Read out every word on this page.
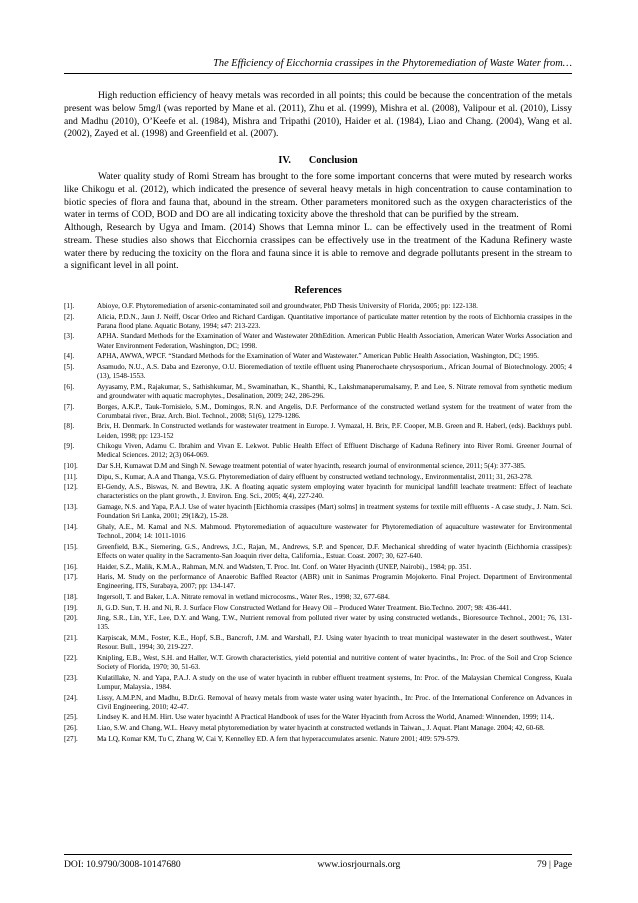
The Efficiency of Eicchornia crassipes in the Phytoremediation of Waste Water from…

High reduction efficiency of heavy metals was recorded in all points; this could be because the concentration of the metals present was below 5mg/l (was reported by Mane et al. (2011), Zhu et al. (1999), Mishra et al. (2008), Valipour et al. (2010), Lissy and Madhu (2010), O’Keefe et al. (1984), Mishra and Tripathi (2010), Haider et al. (1984), Liao and Chang. (2004), Wang et al. (2002), Zayed et al. (1998) and Greenfield et al. (2007).

IV. Conclusion

Water quality study of Romi Stream has brought to the fore some important concerns that were muted by research works like Chikogu et al. (2012), which indicated the presence of several heavy metals in high concentration to cause contamination to biotic species of flora and fauna that, abound in the stream. Other parameters monitored such as the oxygen characteristics of the water in terms of COD, BOD and DO are all indicating toxicity above the threshold that can be purified by the stream.

Although, Research by Ugya and Imam. (2014) Shows that Lemna minor L. can be effectively used in the treatment of Romi stream. These studies also shows that Eicchornia crassipes can be effectively use in the treatment of the Kaduna Refinery waste water there by reducing the toxicity on the flora and fauna since it is able to remove and degrade pollutants present in the stream to a significant level in all point.

References
[1].	Abioye, O.F. Phytoremediation of arsenic-contaminated soil and groundwater, PhD Thesis University of Florida, 2005; pp: 122-138.
[2].	Alicia, P.D.N., Jaun J. Neiff, Oscar Orleo and Richard Cardigan. Quantitative importance of particulate matter retention by the roots of Eichhornia crassipes in the Parana flood plane. Aquatic Botany, 1994; s47: 213-223.
[3].	APHA. Standard Methods for the Examination of Water and Wastewater 20thEdition. American Public Health Association, American Water Works Association and Water Environment Federation, Washington, DC; 1998.
[4].	APHA, AWWA, WPCF. “Standard Methods for the Examination of Water and Wastewater.” American Public Health Association, Washington, DC; 1995.
[5].	Asamudo, N.U., A.S. Daba and Ezeronye, O.U. Bioremediation of textile effluent using Phanerochaete chrysosporium., African Journal of Biotechnology. 2005; 4 (13), 1548-1553.
[6].	Ayyasamy, P.M., Rajakumar, S., Sathishkumar, M., Swaminathan, K., Shanthi, K., Lakshmanaperumalsamy, P. and Lee, S. Nitrate removal from synthetic medium and groundwater with aquatic macrophytes., Desalination, 2009; 242, 286-296.
[7].	Borges, A.K.P., Tauk-Tornisielo, S.M., Domingos, R.N. and Angelis, D.F. Performance of the constructed wetland system for the treatment of water from the Corumbatai river., Braz. Arch. Biol. Technol., 2008; 51(6), 1279-1286.
[8].	Brix, H. Denmark. In Constructed wetlands for wastewater treatment in Europe. J. Vymazal, H. Brix, P.F. Cooper, M.B. Green and R. Haberl, (eds). Backhuys publ. Leiden, 1998; pp: 123-152
[9].	Chikogu Viven, Adamu C. Ibrahim and Vivan E. Lekwot. Public Health Effect of Effluent Discharge of Kaduna Refinery into River Romi. Greener Journal of Medical Sciences. 2012; 2(3) 064-069.
[10].	Dar S.H, Kumawat D.M and Singh N. Sewage treatment potential of water hyacinth, research journal of environmental science, 2011; 5(4): 377-385.
[11].	Dipu, S., Kumar, A.A and Thanga, V.S.G. Phytoremediation of dairy effluent by constructed wetland technology., Environmentalist, 2011; 31, 263-278.
[12].	El-Gendy, A.S., Biswas, N. and Bewtra, J.K. A floating aquatic system employing water hyacinth for municipal landfill leachate treatment: Effect of leachate characteristics on the plant growth., J. Environ. Eng. Sci., 2005; 4(4), 227-240.
[13].	Gamage, N.S. and Yapa, P.A.J. Use of water hyacinth [Eichhornia crassipes (Mart) solms] in treatment systems for textile mill effluents - A case study., J. Natn. Sci. Foundation Sri Lanka, 2001; 29(1&2), 15-28.
[14].	Ghaly, A.E., M. Kamal and N.S. Mahmoud. Phytoremediation of aquaculture wastewater for Phytoremediation of aquaculture wastewater for Environmental Technol., 2004; 14: 1011-1016
[15].	Greenfield, B.K., Siemering, G.S., Andrews, J.C., Rajan, M., Andrews, S.P. and Spencer, D.F. Mechanical shredding of water hyacinth (Eichhornia crassipes): Effects on water quality in the Sacramento-San Joaquin river delta, California., Estuar. Coast. 2007; 30, 627-640.
[16].	Haider, S.Z., Malik, K.M.A., Rahman, M.N. and Wadsten, T. Proc. Int. Conf. on Water Hyacinth (UNEP, Nairobi)., 1984; pp. 351.
[17].	Haris, M. Study on the performance of Anaerobic Baffled Reactor (ABR) unit in Sanimas Programin Mojokerto. Final Project. Department of Environmental Engineering, ITS, Surabaya, 2007; pp: 134-147.
[18].	Ingersoll, T. and Baker, L.A. Nitrate removal in wetland microcosms., Water Res., 1998; 32, 677-684.
[19].	Ji, G.D. Sun, T. H. and Ni, R. J. Surface Flow Constructed Wetland for Heavy Oil – Produced Water Treatment. Bio.Techno. 2007; 98: 436-441.
[20].	Jing, S.R., Lin, Y.F., Lee, D.Y. and Wang, T.W., Nutrient removal from polluted river water by using constructed wetlands., Bioresource Technol., 2001; 76, 131-135.
[21].	Karpiscak, M.M., Foster, K.E., Hopf, S.B., Bancroft, J.M. and Warshall, P.J. Using water hyacinth to treat municipal wastewater in the desert southwest., Water Resour. Bull., 1994; 30, 219-227.
[22].	Knipling, E.B., West, S.H. and Haller, W.T. Growth characteristics, yield potential and nutritive content of water hyacinths., In: Proc. of the Soil and Crop Science Society of Florida, 1970; 30, 51-63.
[23].	Kulatillake, N. and Yapa, P.A.J. A study on the use of water hyacinth in rubber effluent treatment systems, In: Proc. of the Malaysian Chemical Congress, Kuala Lumpur, Malaysia., 1984.
[24].	Lissy, A.M.P.N, and Madhu, B.Dr.G. Removal of heavy metals from waste water using water hyacinth., In: Proc. of the International Conference on Advances in Civil Engineering, 2010; 42-47.
[25].	Lindsey K. and H.M. Hirt. Use water hyacinth! A Practical Handbook of uses for the Water Hyacinth from Across the World, Anamed: Winnenden, 1999; 114,.
[26].	Liao, S.W. and Chang, W.L. Heavy metal phytoremediation by water hyacinth at constructed wetlands in Taiwan., J. Aquat. Plant Manage. 2004; 42, 60-68.
[27].	Ma LQ, Komar KM, Tu C, Zhang W, Cai Y, Kennelley ED. A fern that hyperaccumulates arsenic. Nature 2001; 409: 579-579.
DOI: 10.9790/3008-10147680	www.iosrjournals.org	79 | Page
